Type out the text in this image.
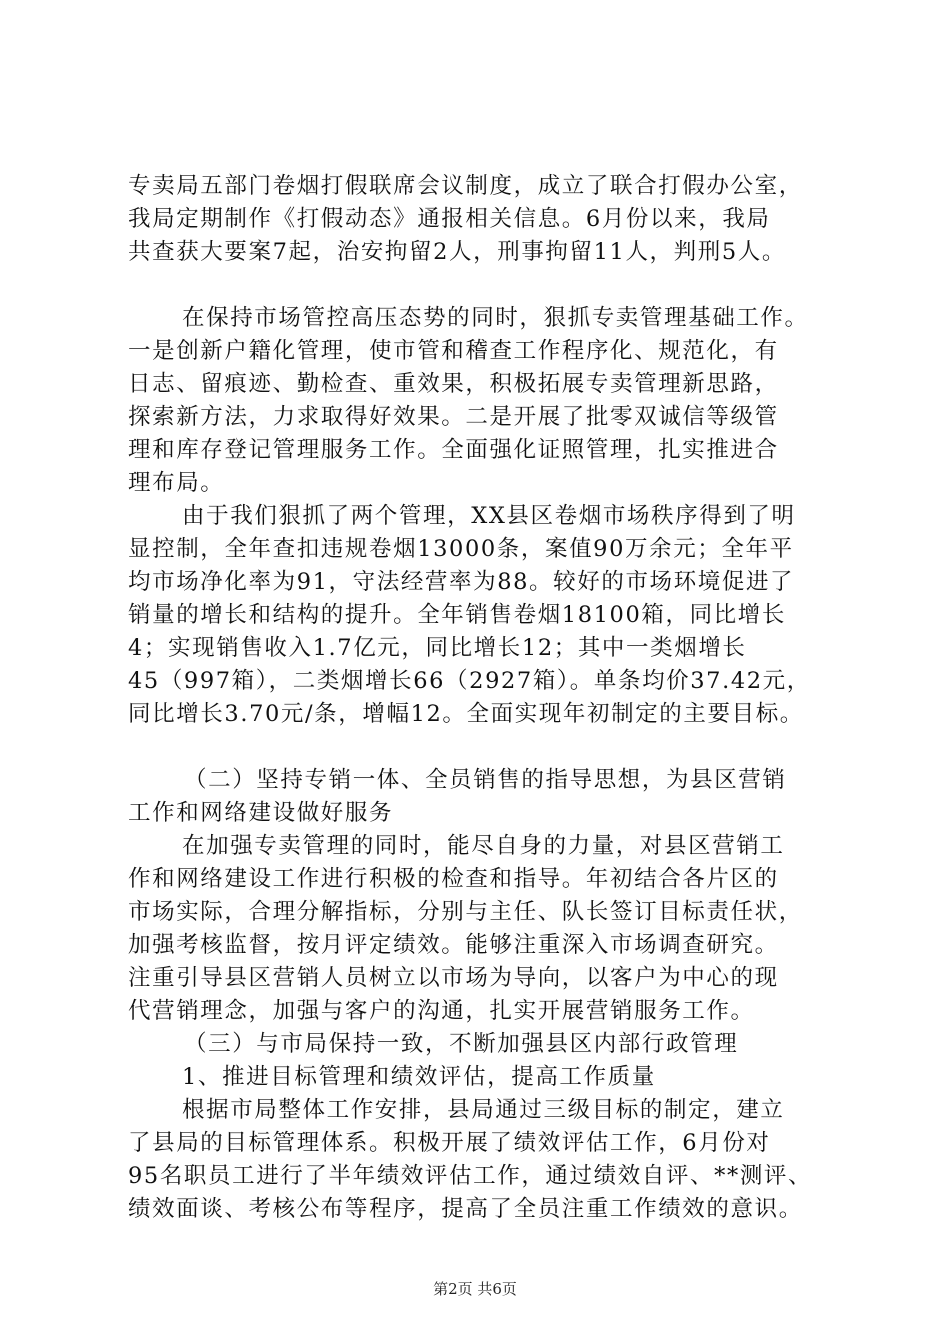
专卖局五部门卷烟打假联席会议制度，成立了联合打假办公室，
我局定期制作《打假动态》通报相关信息。6月份以来，我局
共查获大要案7起，治安拘留2人，刑事拘留11人，判刑5人。
在保持市场管控高压态势的同时，狠抓专卖管理基础工作。
一是创新户籍化管理，使市管和稽查工作程序化、规范化，有
日志、留痕迹、勤检查、重效果，积极拓展专卖管理新思路，
探索新方法，力求取得好效果。二是开展了批零双诚信等级管
理和库存登记管理服务工作。全面强化证照管理，扎实推进合
理布局。
由于我们狠抓了两个管理，XX县区卷烟市场秩序得到了明
显控制，全年查扣违规卷烟13000条，案值90万余元；全年平
均市场净化率为91，守法经营率为88。较好的市场环境促进了
销量的增长和结构的提升。全年销售卷烟18100箱，同比增长
4；实现销售收入1.7亿元，同比增长12；其中一类烟增长
45（997箱），二类烟增长66（2927箱）。单条均价37.42元，
同比增长3.70元/条，增幅12。全面实现年初制定的主要目标。
（二）坚持专销一体、全员销售的指导思想，为县区营销
工作和网络建设做好服务
在加强专卖管理的同时，能尽自身的力量，对县区营销工
作和网络建设工作进行积极的检查和指导。年初结合各片区的
市场实际，合理分解指标，分别与主任、队长签订目标责任状，
加强考核监督，按月评定绩效。能够注重深入市场调查研究。
注重引导县区营销人员树立以市场为导向，以客户为中心的现
代营销理念，加强与客户的沟通，扎实开展营销服务工作。
（三）与市局保持一致，不断加强县区内部行政管理
1、推进目标管理和绩效评估，提高工作质量
根据市局整体工作安排，县局通过三级目标的制定，建立
了县局的目标管理体系。积极开展了绩效评估工作，6月份对
95名职员工进行了半年绩效评估工作，通过绩效自评、**测评、
绩效面谈、考核公布等程序，提高了全员注重工作绩效的意识。
第2页 共6页
